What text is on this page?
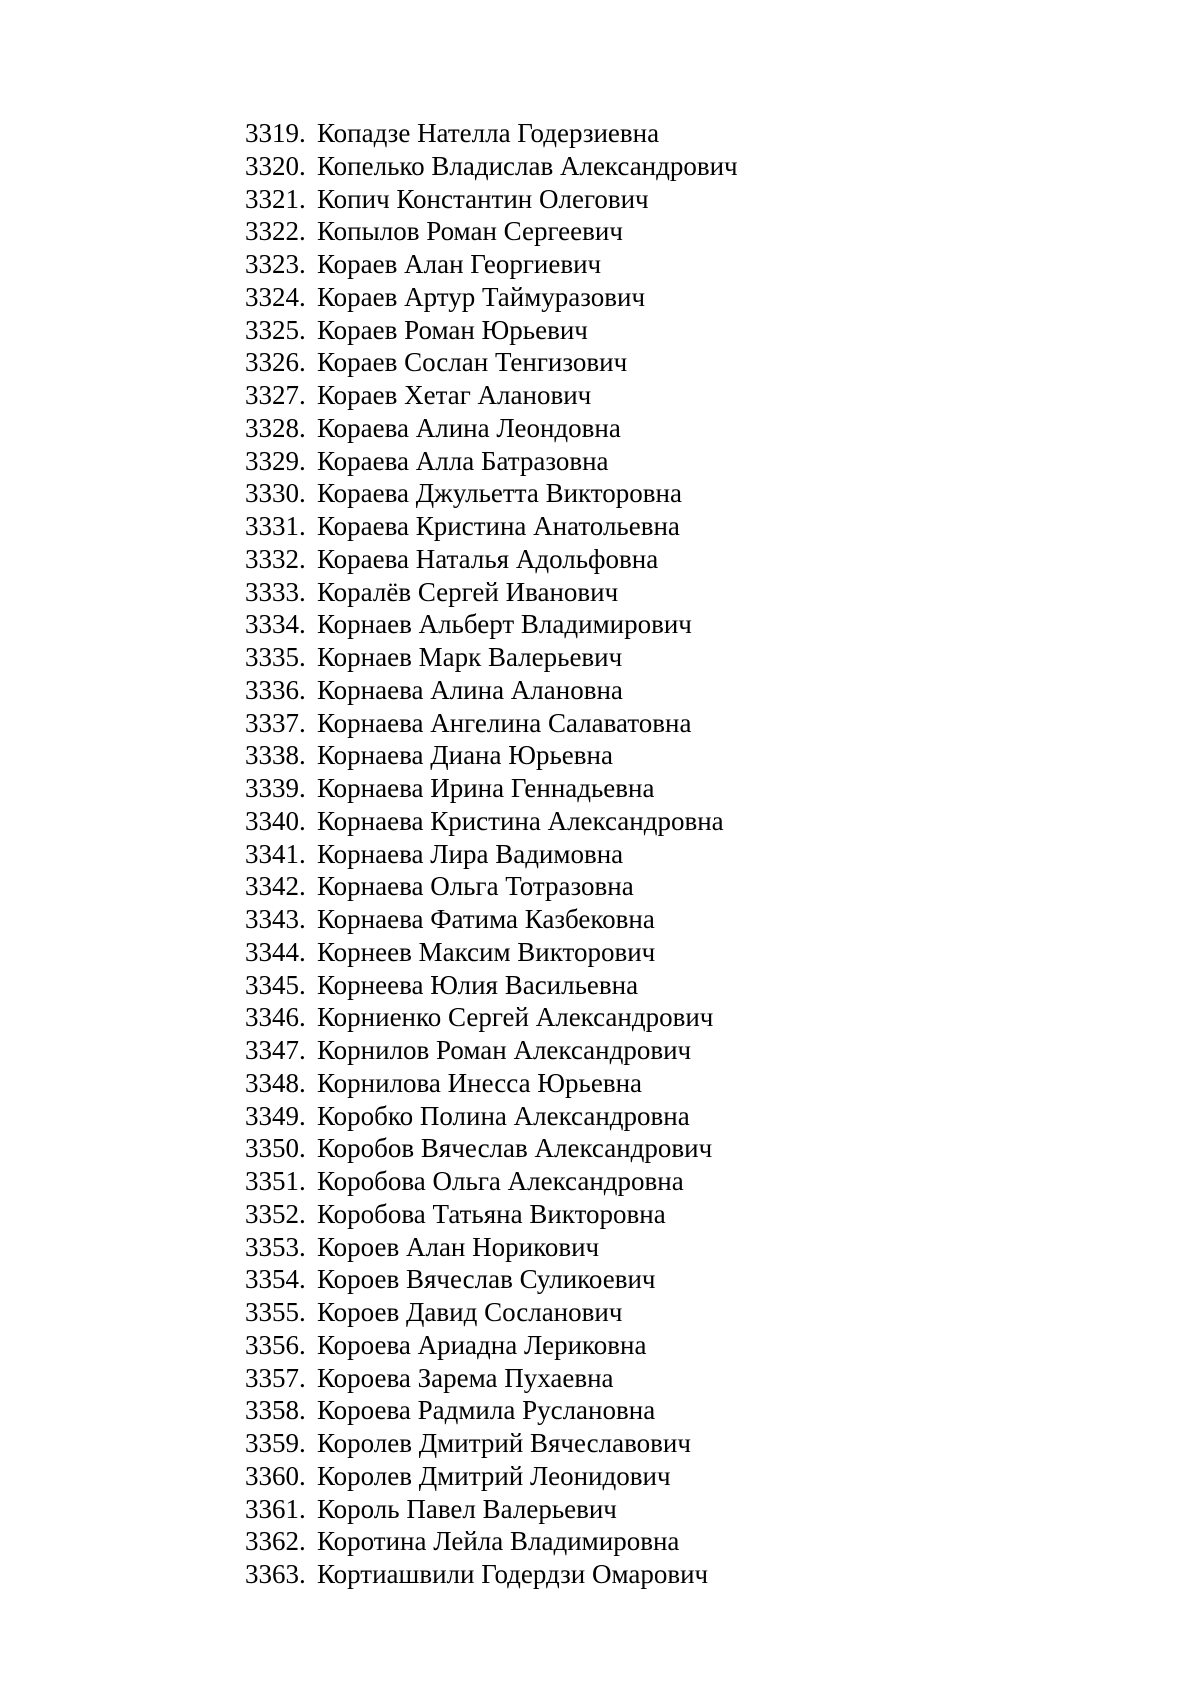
3319. Копадзе Нателла Годерзиевна
3320. Копелько Владислав Александрович
3321. Копич Константин Олегович
3322. Копылов Роман Сергеевич
3323. Кораев Алан Георгиевич
3324. Кораев Артур Таймуразович
3325. Кораев Роман Юрьевич
3326. Кораев Сослан Тенгизович
3327. Кораев Хетаг Аланович
3328. Кораева Алина Леондовна
3329. Кораева Алла Батразовна
3330. Кораева Джульетта Викторовна
3331. Кораева Кристина Анатольевна
3332. Кораева Наталья Адольфовна
3333. Коралёв Сергей Иванович
3334. Корнаев Альберт Владимирович
3335. Корнаев Марк Валерьевич
3336. Корнаева Алина Алановна
3337. Корнаева Ангелина Салаватовна
3338. Корнаева Диана Юрьевна
3339. Корнаева Ирина Геннадьевна
3340. Корнаева Кристина Александровна
3341. Корнаева Лира Вадимовна
3342. Корнаева Ольга Тотразовна
3343. Корнаева Фатима Казбековна
3344. Корнеев Максим Викторович
3345. Корнеева Юлия Васильевна
3346. Корниенко Сергей Александрович
3347. Корнилов Роман Александрович
3348. Корнилова Инесса Юрьевна
3349. Коробко Полина Александровна
3350. Коробов Вячеслав Александрович
3351. Коробова Ольга Александровна
3352. Коробова Татьяна Викторовна
3353. Короев Алан Норикович
3354. Короев Вячеслав Суликоевич
3355. Короев Давид Сосланович
3356. Короева Ариадна Лериковна
3357. Короева Зарема Пухаевна
3358. Короева Радмила Руслановна
3359. Королев Дмитрий Вячеславович
3360. Королев Дмитрий Леонидович
3361. Король Павел Валерьевич
3362. Коротина Лейла Владимировна
3363. Кортиашвили Годердзи Омарович
